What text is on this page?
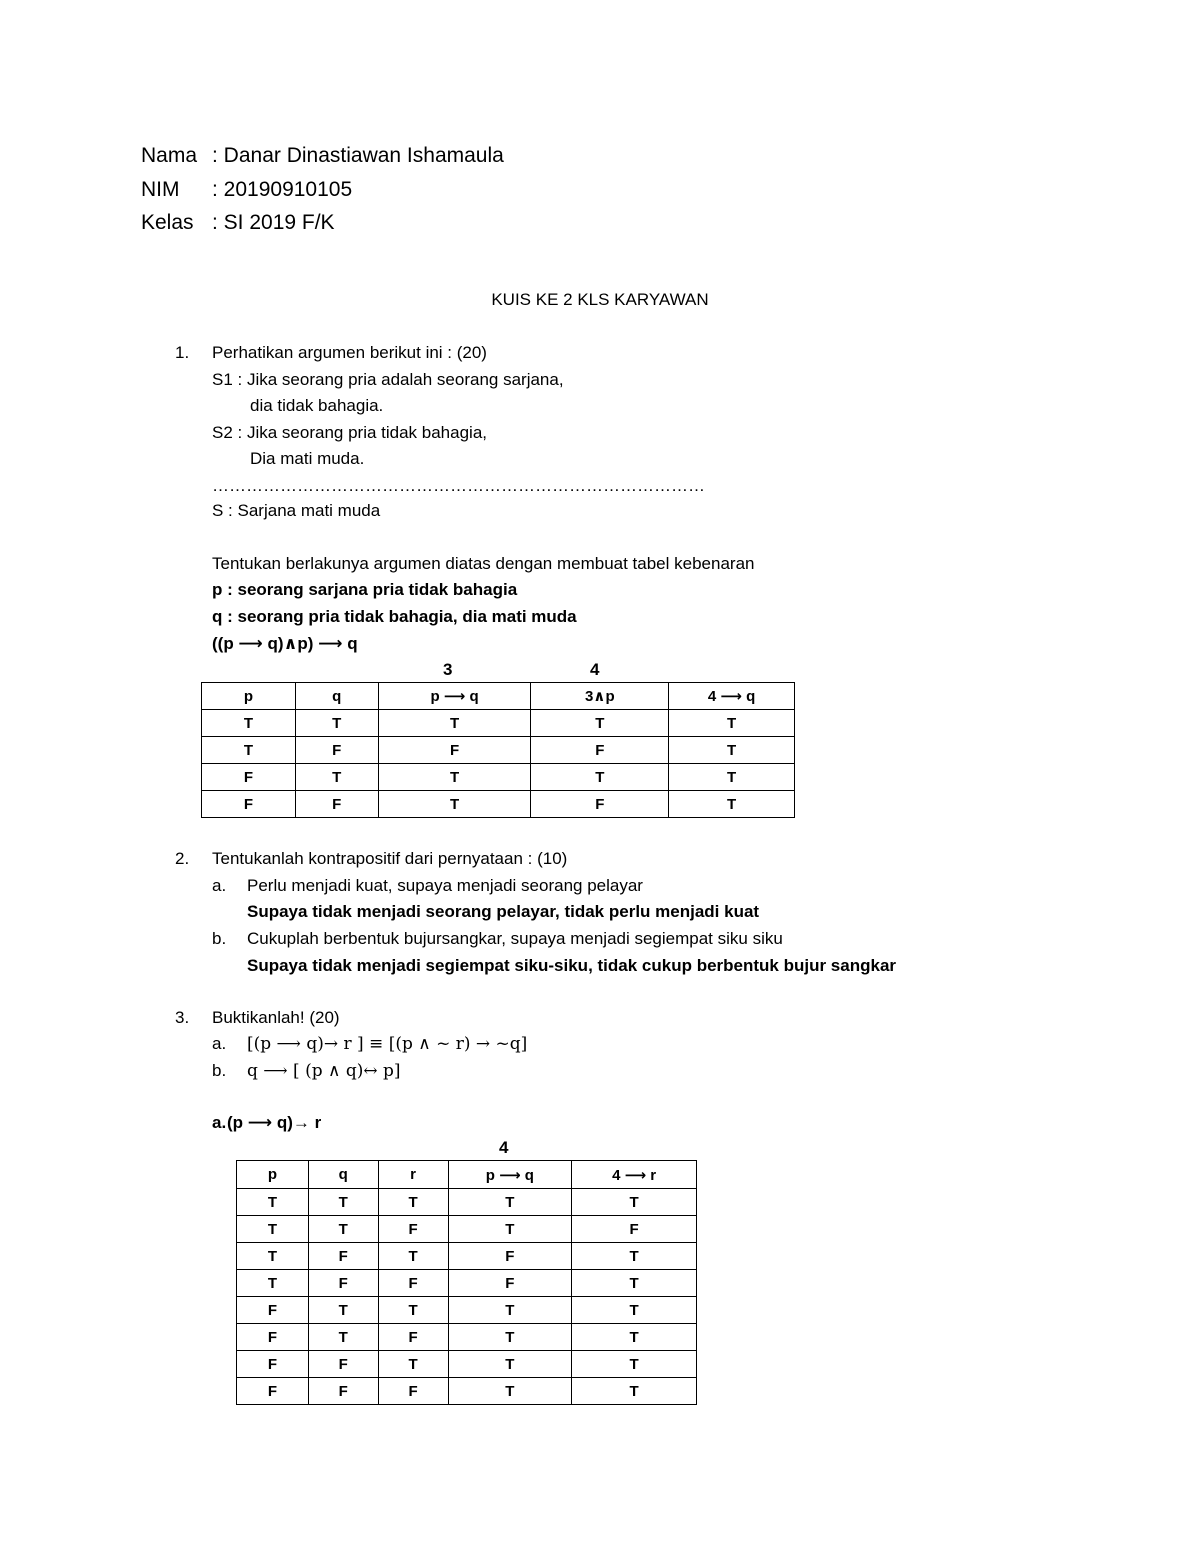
Nama : Danar Dinastiawan Ishamaula
NIM : 20190910105
Kelas : SI 2019 F/K
KUIS KE 2 KLS KARYAWAN
1. Perhatikan argumen berikut ini : (20)
S1 : Jika seorang pria adalah seorang sarjana,
dia tidak bahagia.
S2 : Jika seorang pria tidak bahagia,
Dia mati muda.
……………………………………………………………………………
S : Sarjana mati muda
Tentukan berlakunya argumen diatas dengan membuat tabel kebenaran
p : seorang sarjana pria tidak bahagia
q : seorang pria tidak bahagia, dia mati muda
((p ⟶ q)∧p) ⟶ q
3	4
p	q	p ⟶ q	3∧p	4 ⟶ q
T	T	T	T	T
T	F	F	F	T
F	T	T	T	T
F	F	T	F	T
2. Tentukanlah kontrapositif dari pernyataan : (10)
a. Perlu menjadi kuat, supaya menjadi seorang pelayar
Supaya tidak menjadi seorang pelayar, tidak perlu menjadi kuat
b. Cukuplah berbentuk bujursangkar, supaya menjadi segiempat siku siku
Supaya tidak menjadi segiempat siku-siku, tidak cukup berbentuk bujur sangkar
3. Buktikanlah! (20)
a. [(p ⟶ q)→ r ] ≡ [(p ∧ ~ r) → ~q]
b. q ⟶ [ (p ∧ q)↔ p]
a. (p ⟶ q)→ r
4
p	q	r	p ⟶ q	4 ⟶ r
T	T	T	T	T
T	T	F	T	F
T	F	T	F	T
T	F	F	F	T
F	T	T	T	T
F	T	F	T	T
F	F	T	T	T
F	F	F	T	T
